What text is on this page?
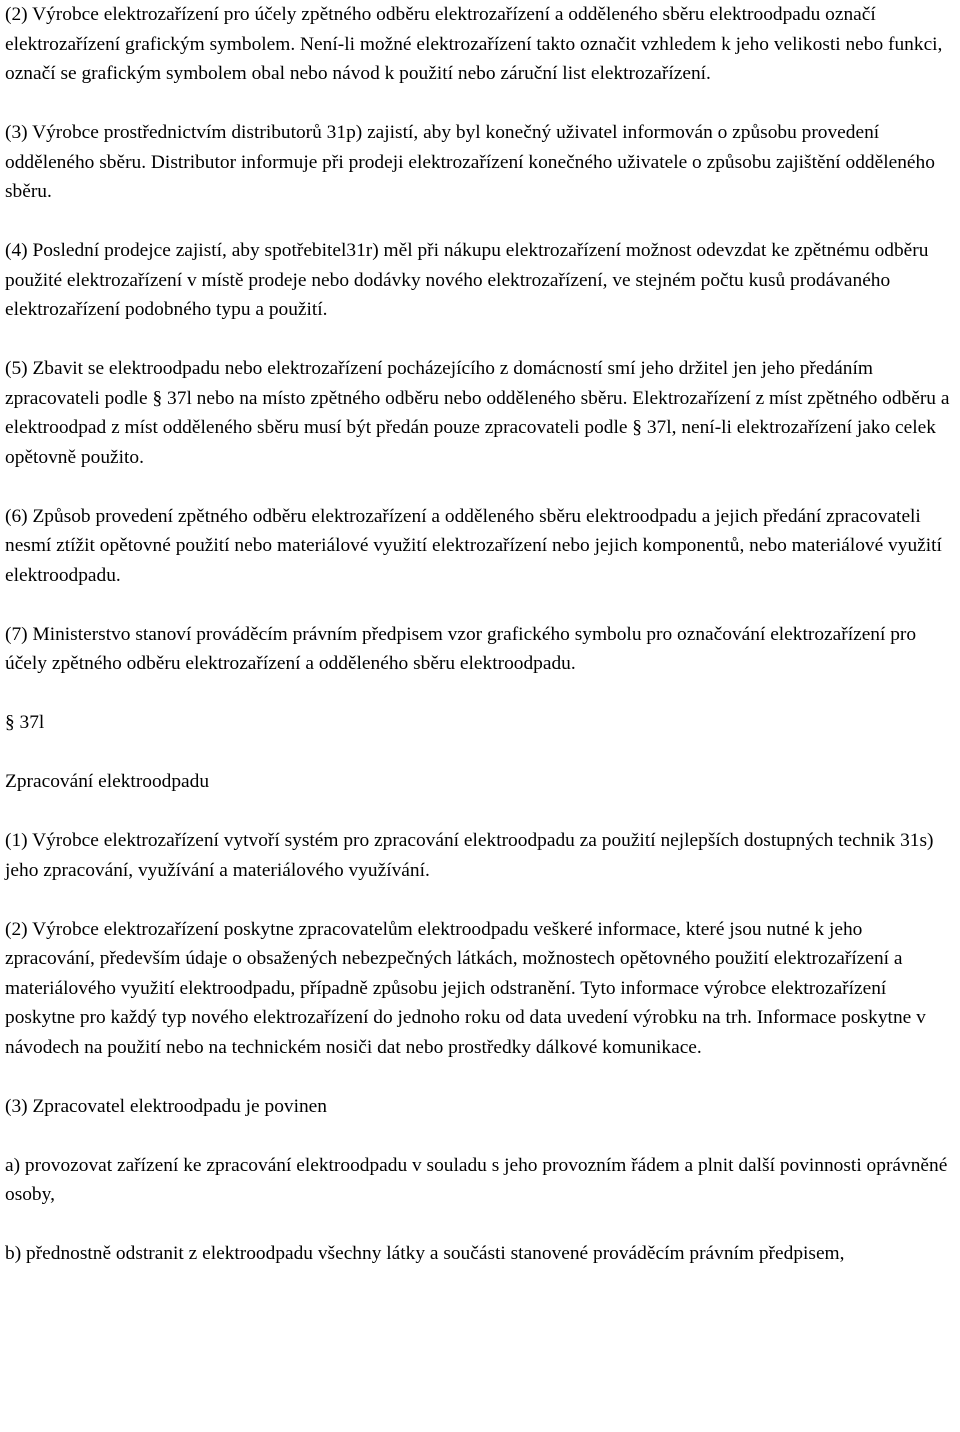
(2) Výrobce elektrozařízení pro účely zpětného odběru elektrozařízení a odděleného sběru elektroodpadu označí elektrozařízení grafickým symbolem. Není-li možné elektrozařízení takto označit vzhledem k jeho velikosti nebo funkci, označí se grafickým symbolem obal nebo návod k použití nebo záruční list elektrozařízení.

(3) Výrobce prostřednictvím distributorů 31p) zajistí, aby byl konečný uživatel informován o způsobu provedení odděleného sběru. Distributor informuje při prodeji elektrozařízení konečného uživatele o způsobu zajištění odděleného sběru.

(4) Poslední prodejce zajistí, aby spotřebitel31r) měl při nákupu elektrozařízení možnost odevzdat ke zpětnému odběru použité elektrozařízení v místě prodeje nebo dodávky nového elektrozařízení, ve stejném počtu kusů prodávaného elektrozařízení podobného typu a použití.

(5) Zbavit se elektroodpadu nebo elektrozařízení pocházejícího z domácností smí jeho držitel jen jeho předáním zpracovateli podle § 37l nebo na místo zpětného odběru nebo odděleného sběru. Elektrozařízení z míst zpětného odběru a elektroodpad z míst odděleného sběru musí být předán pouze zpracovateli podle § 37l, není-li elektrozařízení jako celek opětovně použito.

(6) Způsob provedení zpětného odběru elektrozařízení a odděleného sběru elektroodpadu a jejich předání zpracovateli nesmí ztížit opětovné použití nebo materiálové využití elektrozařízení nebo jejich komponentů, nebo materiálové využití elektroodpadu.

(7) Ministerstvo stanoví prováděcím právním předpisem vzor grafického symbolu pro označování elektrozařízení pro účely zpětného odběru elektrozařízení a odděleného sběru elektroodpadu.

§ 37l

Zpracování elektroodpadu

(1) Výrobce elektrozařízení vytvoří systém pro zpracování elektroodpadu za použití nejlepších dostupných technik 31s) jeho zpracování, využívání a materiálového využívání.

(2) Výrobce elektrozařízení poskytne zpracovatelům elektroodpadu veškeré informace, které jsou nutné k jeho zpracování, především údaje o obsažených nebezpečných látkách, možnostech opětovného použití elektrozařízení a materiálového využití elektroodpadu, případně způsobu jejich odstranění. Tyto informace výrobce elektrozařízení poskytne pro každý typ nového elektrozařízení do jednoho roku od data uvedení výrobku na trh. Informace poskytne v návodech na použití nebo na technickém nosiči dat nebo prostředky dálkové komunikace.

(3) Zpracovatel elektroodpadu je povinen

a) provozovat zařízení ke zpracování elektroodpadu v souladu s jeho provozním řádem a plnit další povinnosti oprávněné osoby,

b) přednostně odstranit z elektroodpadu všechny látky a součásti stanovené prováděcím právním předpisem,
